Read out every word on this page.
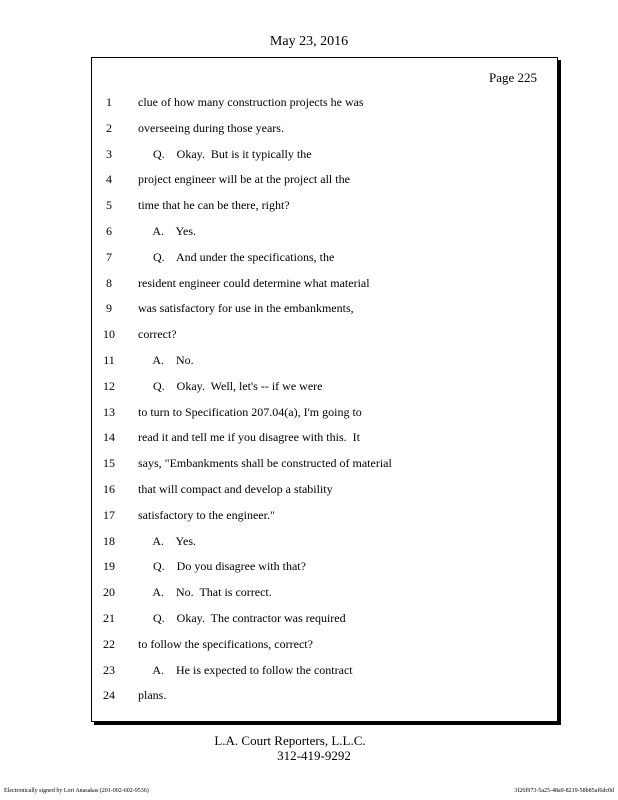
May 23, 2016
Page 225
1	clue of how many construction projects he was
2	overseeing during those years.
3	Q.    Okay.  But is it typically the
4	project engineer will be at the project all the
5	time that he can be there, right?
6	A.    Yes.
7	Q.    And under the specifications, the
8	resident engineer could determine what material
9	was satisfactory for use in the embankments,
10	correct?
11	A.    No.
12	Q.    Okay.  Well, let's -- if we were
13	to turn to Specification 207.04(a), I'm going to
14	read it and tell me if you disagree with this.  It
15	says, "Embankments shall be constructed of material
16	that will compact and develop a stability
17	satisfactory to the engineer."
18	A.    Yes.
19	Q.    Do you disagree with that?
20	A.    No.  That is correct.
21	Q.    Okay.  The contractor was required
22	to follow the specifications, correct?
23	A.    He is expected to follow the contract
24	plans.
L.A. Court Reporters, L.L.C.
312-419-9292
Electronically signed by Lori Anasakas (201-002-602-9536)	3f26f973-5a25-48a9-8219-58b85af6dc0d
